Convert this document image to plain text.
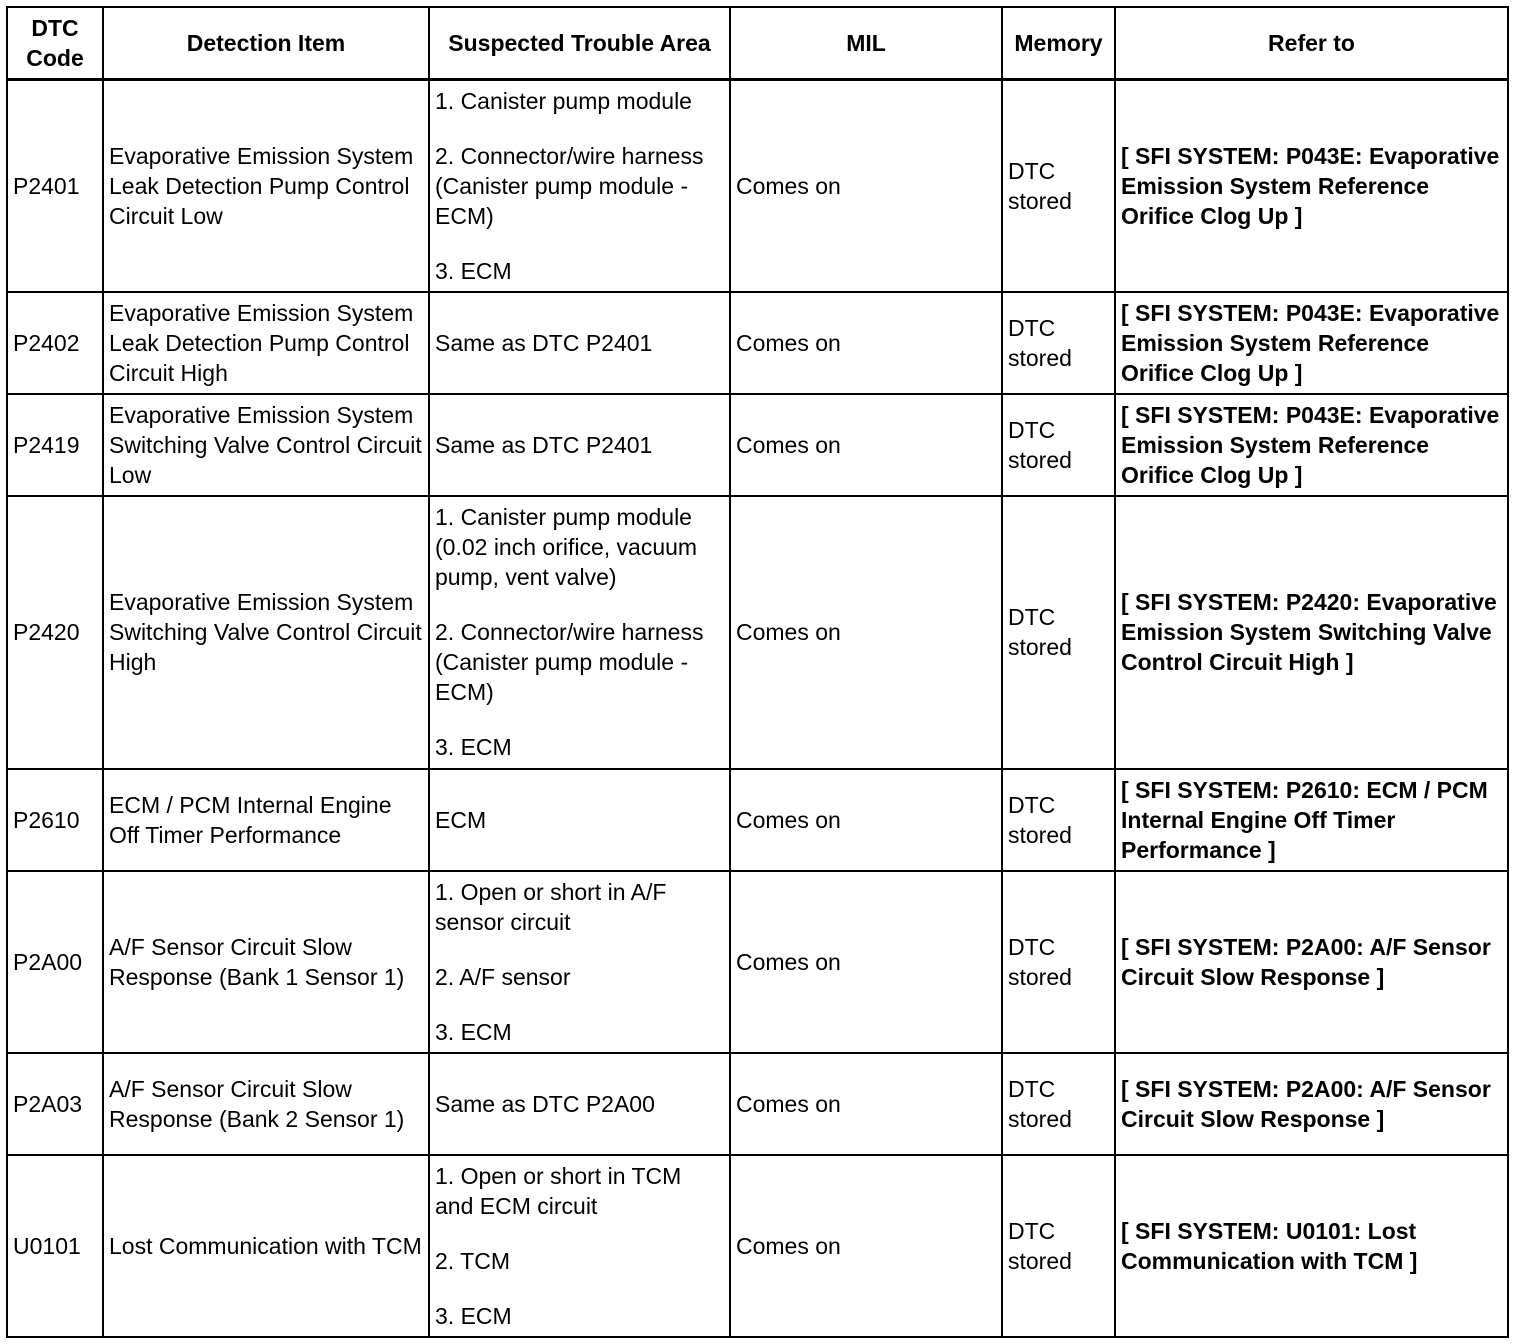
DTC
Code	Detection Item	Suspected Trouble Area	MIL	Memory	Refer to
P2401	Evaporative Emission System Leak Detection Pump Control Circuit Low	1. Canister pump module

2. Connector/wire harness (Canister pump module - ECM)

3. ECM	Comes on	DTC stored	[ SFI SYSTEM: P043E: Evaporative Emission System Reference Orifice Clog Up ]
P2402	Evaporative Emission System Leak Detection Pump Control Circuit High	Same as DTC P2401	Comes on	DTC stored	[ SFI SYSTEM: P043E: Evaporative Emission System Reference Orifice Clog Up ]
P2419	Evaporative Emission System Switching Valve Control Circuit Low	Same as DTC P2401	Comes on	DTC stored	[ SFI SYSTEM: P043E: Evaporative Emission System Reference Orifice Clog Up ]
P2420	Evaporative Emission System Switching Valve Control Circuit High	1. Canister pump module (0.02 inch orifice, vacuum pump, vent valve)

2. Connector/wire harness (Canister pump module - ECM)

3. ECM	Comes on	DTC stored	[ SFI SYSTEM: P2420: Evaporative Emission System Switching Valve Control Circuit High ]
P2610	ECM / PCM Internal Engine Off Timer Performance	ECM	Comes on	DTC stored	[ SFI SYSTEM: P2610: ECM / PCM Internal Engine Off Timer Performance ]
P2A00	A/F Sensor Circuit Slow Response (Bank 1 Sensor 1)	1. Open or short in A/F sensor circuit

2. A/F sensor

3. ECM	Comes on	DTC stored	[ SFI SYSTEM: P2A00: A/F Sensor Circuit Slow Response ]
P2A03	A/F Sensor Circuit Slow Response (Bank 2 Sensor 1)	Same as DTC P2A00	Comes on	DTC stored	[ SFI SYSTEM: P2A00: A/F Sensor Circuit Slow Response ]
U0101	Lost Communication with TCM	1. Open or short in TCM and ECM circuit

2. TCM

3. ECM	Comes on	DTC stored	[ SFI SYSTEM: U0101: Lost Communication with TCM ]
